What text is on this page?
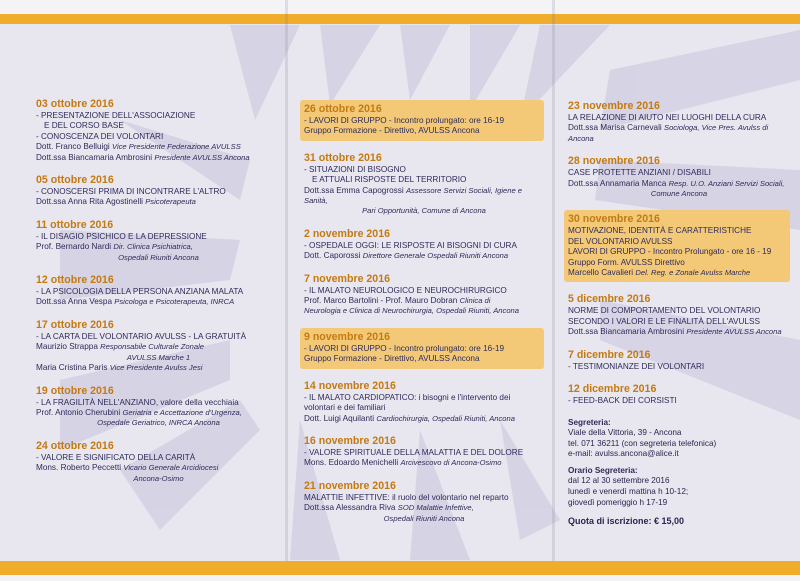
03 ottobre 2016
- PRESENTAZIONE DELL'ASSOCIAZIONE
E DEL CORSO BASE
- CONOSCENZA DEI VOLONTARI
Dott. Franco Belluigi Vice Presidente Federazione AVULSS
Dott.ssa Biancamaria Ambrosini Presidente AVULSS Ancona
05 ottobre 2016
- CONOSCERSI PRIMA DI INCONTRARE L'ALTRO
Dott.ssa Anna Rita Agostinelli Psicoterapeuta
11 ottobre 2016
- IL DISAGIO PSICHICO E LA DEPRESSIONE
Prof. Bernardo Nardi Dir. Clinica Psichiatrica,
Ospedali Riuniti Ancona
12 ottobre 2016
- LA PSICOLOGIA DELLA PERSONA ANZIANA MALATA
Dott.ssa Anna Vespa Psicologa e Psicoterapeuta, INRCA
17 ottobre 2016
- LA CARTA DEL VOLONTARIO AVULSS - LA GRATUITÀ
Maurizio Strappa Responsabile Culturale Zonale
AVULSS Marche 1
Maria Cristina Paris Vice Presidente Avulss Jesi
19 ottobre 2016
- LA FRAGILITÀ NELL'ANZIANO, valore della vecchiaia
Prof. Antonio Cherubini Geriatria e Accettazione d'Urgenza,
Ospedale Geriatrico, INRCA Ancona
24 ottobre 2016
- VALORE E SIGNIFICATO DELLA CARITÀ
Mons. Roberto Peccetti Vicario Generale Arcidiocesi
Ancona-Osimo
26 ottobre 2016
- LAVORI DI GRUPPO - Incontro prolungato: ore 16-19
Gruppo Formazione - Direttivo, AVULSS Ancona
31 ottobre 2016
- SITUAZIONI DI BISOGNO
E ATTUALI RISPOSTE DEL TERRITORIO
Dott.ssa Emma Capogrossi Assessore Servizi Sociali, Igiene e Sanità,
Pari Opportunità, Comune di Ancona
2 novembre 2016
- OSPEDALE OGGI: LE RISPOSTE AI BISOGNI DI CURA
Dott. Caporossi Direttore Generale Ospedali Riuniti Ancona
7 novembre 2016
- IL MALATO NEUROLOGICO E NEUROCHIRURGICO
Prof. Marco Bartolini - Prof. Mauro Dobran Clinica di
Neurologia e Clinica di Neurochirurgia, Ospedali Riuniti, Ancona
9 novembre 2016
- LAVORI DI GRUPPO - Incontro prolungato: ore 16-19
Gruppo Formazione - Direttivo, AVULSS Ancona
14 novembre 2016
- IL MALATO CARDIOPATICO: i bisogni e l'intervento dei
volontari e dei familiari
Dott. Luigi Aquilanti Cardiochirurgia, Ospedali Riuniti, Ancona
16 novembre 2016
- VALORE SPIRITUALE DELLA MALATTIA E DEL DOLORE
Mons. Edoardo Menichelli Arcivescovo di Ancona-Osimo
21 novembre 2016
MALATTIE INFETTIVE: il ruolo del volontario nel reparto
Dott.ssa Alessandra Riva SOD Malattie Infettive,
Ospedali Riuniti Ancona
23 novembre 2016
LA RELAZIONE DI AIUTO NEI LUOGHI DELLA CURA
Dott.ssa Marisa Carnevali Sociologa, Vice Pres. Avulss di Ancona
28 novembre 2016
CASE PROTETTE ANZIANI / DISABILI
Dott.ssa Annamaria Manca Resp. U.O. Anziani Servizi Sociali,
Comune Ancona
30 novembre 2016
MOTIVAZIONE, IDENTITÀ E CARATTERISTICHE
DEL VOLONTARIO AVULSS
LAVORI DI GRUPPO - Incontro Prolungato - ore 16 - 19
Gruppo Form. AVULSS Direttivo
Marcello Cavalieri Del. Reg. e Zonale Avulss Marche
5 dicembre 2016
NORME DI COMPORTAMENTO DEL VOLONTARIO
SECONDO I VALORI E LE FINALITÀ DELL'AVULSS
Dott.ssa Biancamaria Ambrosini Presidente AVULSS Ancona
7 dicembre 2016
- TESTIMONIANZE DEI VOLONTARI
12 dicembre 2016
- FEED-BACK DEI CORSISTI
Segreteria:
Viale della Vittoria, 39 - Ancona
tel. 071 36211 (con segreteria telefonica)
e-mail: avulss.ancona@alice.it
Orario Segreteria:
dal 12 al 30 settembre 2016
lunedì e venerdì mattina h 10-12;
giovedì pomeriggio h 17-19
Quota di iscrizione: € 15,00
